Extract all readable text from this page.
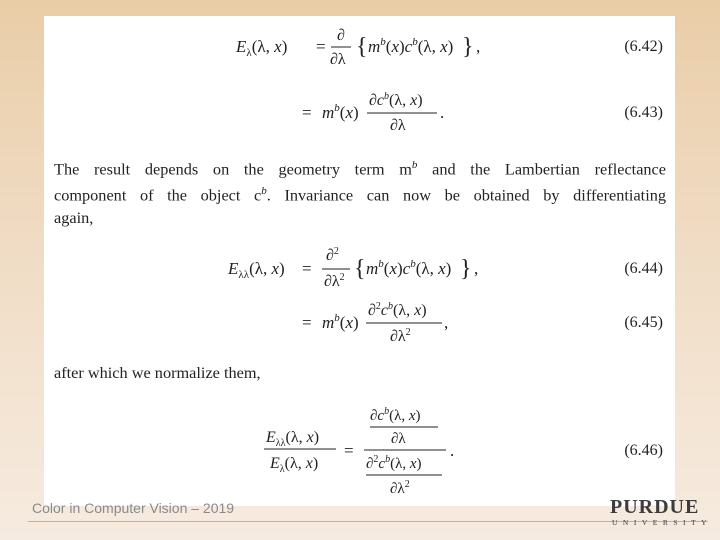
$E_\lambda(\lambda$, x) =
∂
∂λ { $m^b(x)c^b(\lambda$, x) } ,	(6.42)
= $m^b(x)$
$\partial c^b(\lambda$, x)
∂λ
.	(6.43)
The result depends on the geometry term $m^b$ and the Lambertian reflectance
component of the object $c^b$. Invariance can now be obtained by differentiating
again,
$E_{\lambda\lambda}(\lambda$, x) =
∂$^2$
$\partial\lambda^2$ { $m^b(x)c^b(\lambda$, x) } ,	(6.44)
= $m^b(x)$
$\partial^2c^b(\lambda$, x)
$\partial\lambda^2$
,	(6.45)
after which we normalize them,
$E_{\lambda\lambda}(\lambda$, x)
$E_\lambda(\lambda$, x)
=
$\partial c^b(\lambda$, x)
∂λ
$\partial^2c^b(\lambda$, x)
$\partial\lambda^2$
.	(6.46)
Color in Computer Vision – 2019	PURDUE
UNIVERSITY
